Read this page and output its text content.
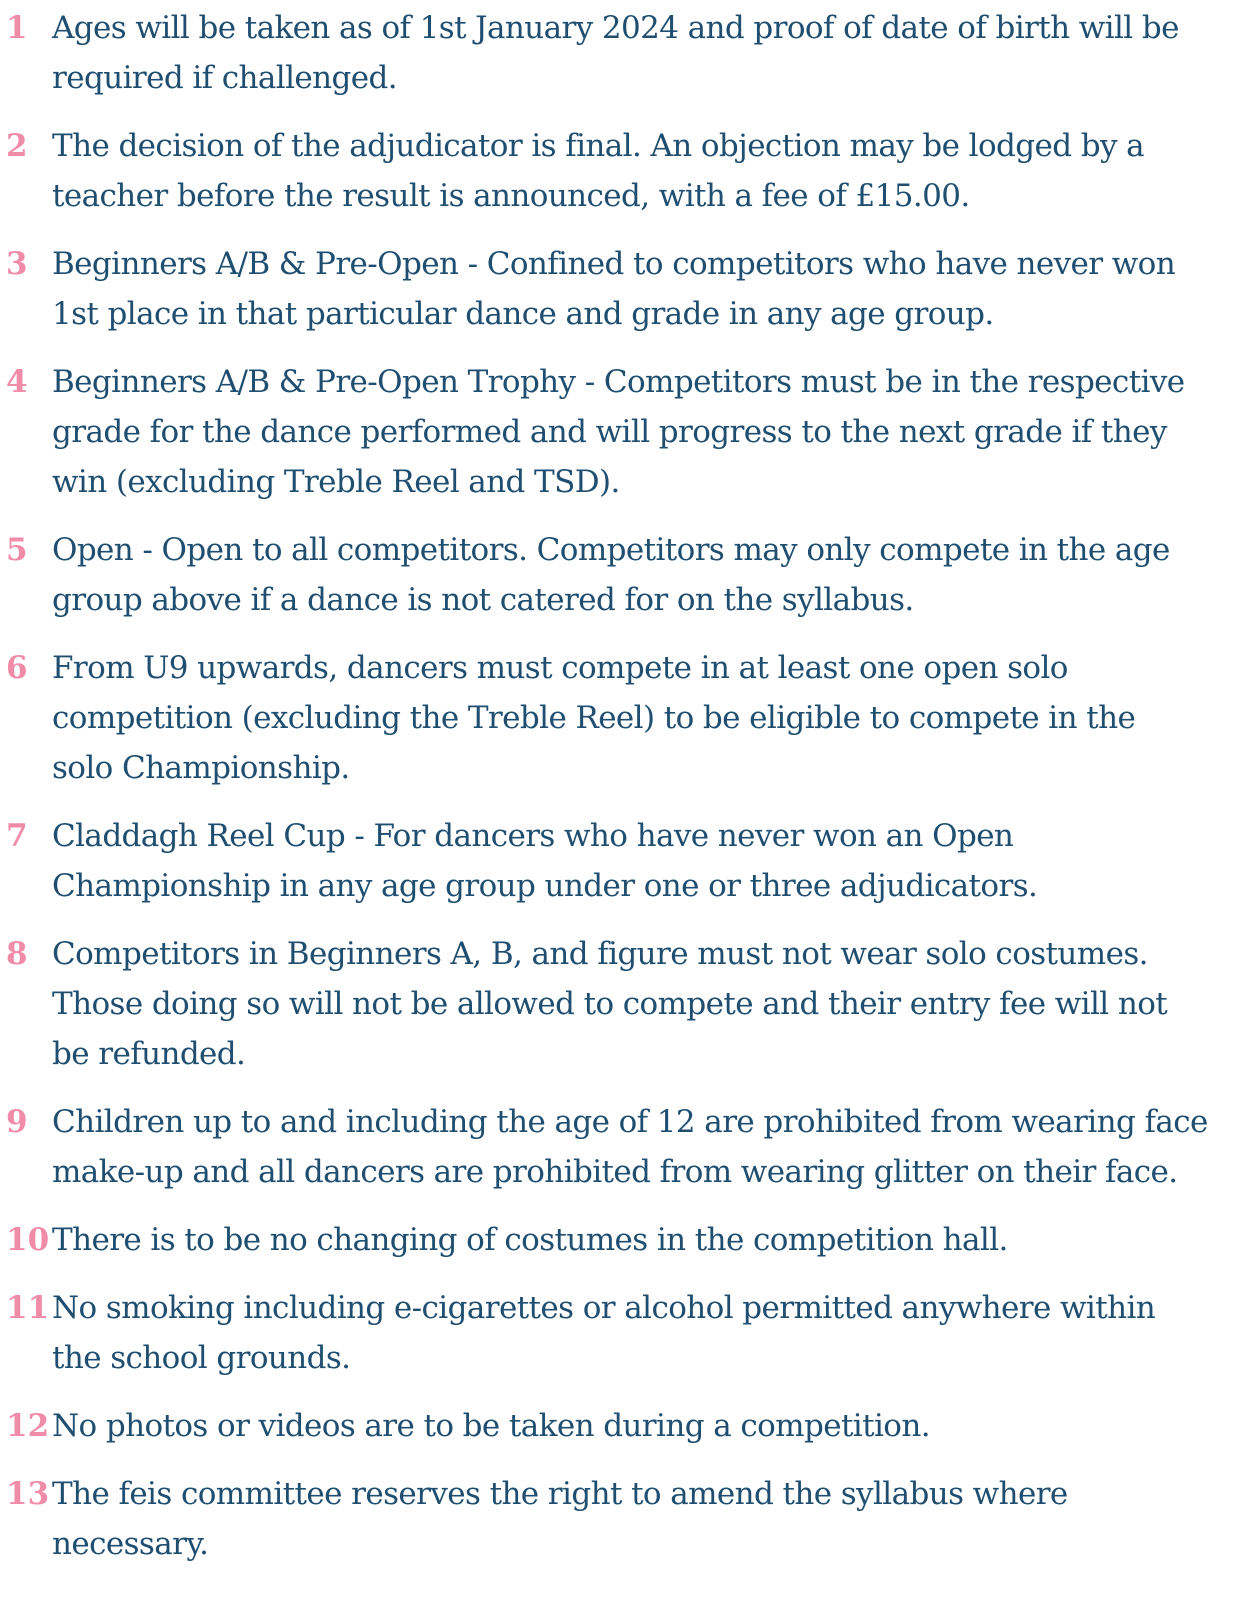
1 Ages will be taken as of 1st January 2024 and proof of date of birth will be
required if challenged.
2 The decision of the adjudicator is final. An objection may be lodged by a
teacher before the result is announced, with a fee of £15.00.
3 Beginners A/B & Pre-Open - Confined to competitors who have never won
1st place in that particular dance and grade in any age group.
4 Beginners A/B & Pre-Open Trophy - Competitors must be in the respective
grade for the dance performed and will progress to the next grade if they
win (excluding Treble Reel and TSD).
5 Open - Open to all competitors. Competitors may only compete in the age
group above if a dance is not catered for on the syllabus.
6 From U9 upwards, dancers must compete in at least one open solo
competition (excluding the Treble Reel) to be eligible to compete in the
solo Championship.
7 Claddagh Reel Cup - For dancers who have never won an Open
Championship in any age group under one or three adjudicators.
8 Competitors in Beginners A, B, and figure must not wear solo costumes.
Those doing so will not be allowed to compete and their entry fee will not
be refunded.
9 Children up to and including the age of 12 are prohibited from wearing face
make-up and all dancers are prohibited from wearing glitter on their face.
10 There is to be no changing of costumes in the competition hall.
11 No smoking including e-cigarettes or alcohol permitted anywhere within
the school grounds.
12 No photos or videos are to be taken during a competition.
13 The feis committee reserves the right to amend the syllabus where
necessary.
